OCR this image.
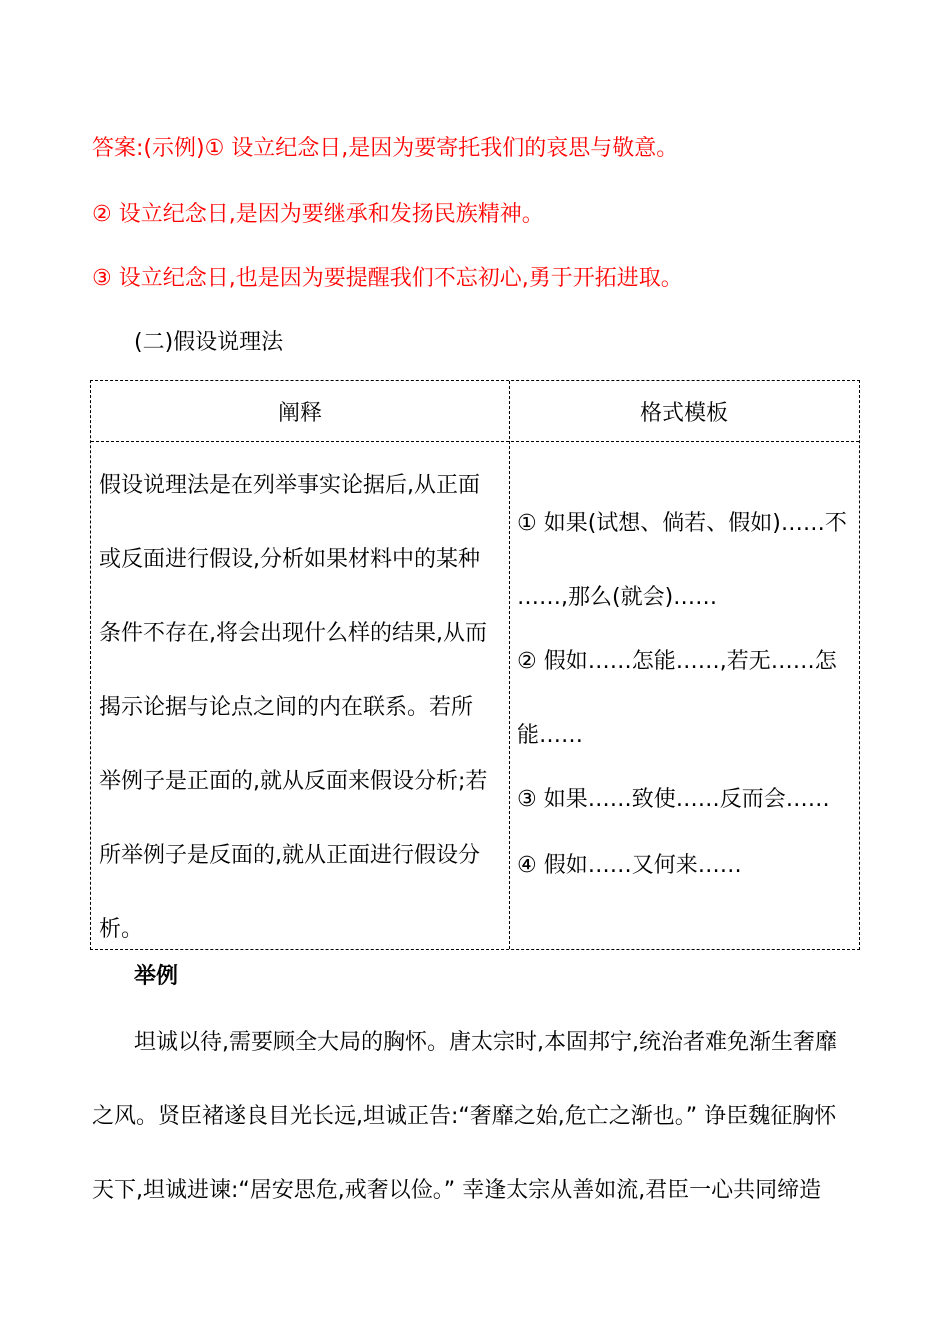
答案:(示例)① 设立纪念日,是因为要寄托我们的哀思与敬意。
② 设立纪念日,是因为要继承和发扬民族精神。
③ 设立纪念日,也是因为要提醒我们不忘初心,勇于开拓进取。
(二)假设说理法
阐释	格式模板
假设说理法是在列举事实论据后,从正面
或反面进行假设,分析如果材料中的某种
条件不存在,将会出现什么样的结果,从而
揭示论据与论点之间的内在联系。若所
举例子是正面的,就从反面来假设分析;若
所举例子是反面的,就从正面进行假设分
析。
① 如果(试想、倘若、假如)……不
……,那么(就会)……
② 假如……怎能……,若无……怎
能……
③ 如果……致使……反而会……
④ 假如……又何来……
举例
坦诚以待,需要顾全大局的胸怀。唐太宗时,本固邦宁,统治者难免渐生奢靡
之风。贤臣褚遂良目光长远,坦诚正告:“奢靡之始,危亡之渐也。” 诤臣魏征胸怀
天下,坦诚进谏:“居安思危,戒奢以俭。” 幸逢太宗从善如流,君臣一心共同缔造
